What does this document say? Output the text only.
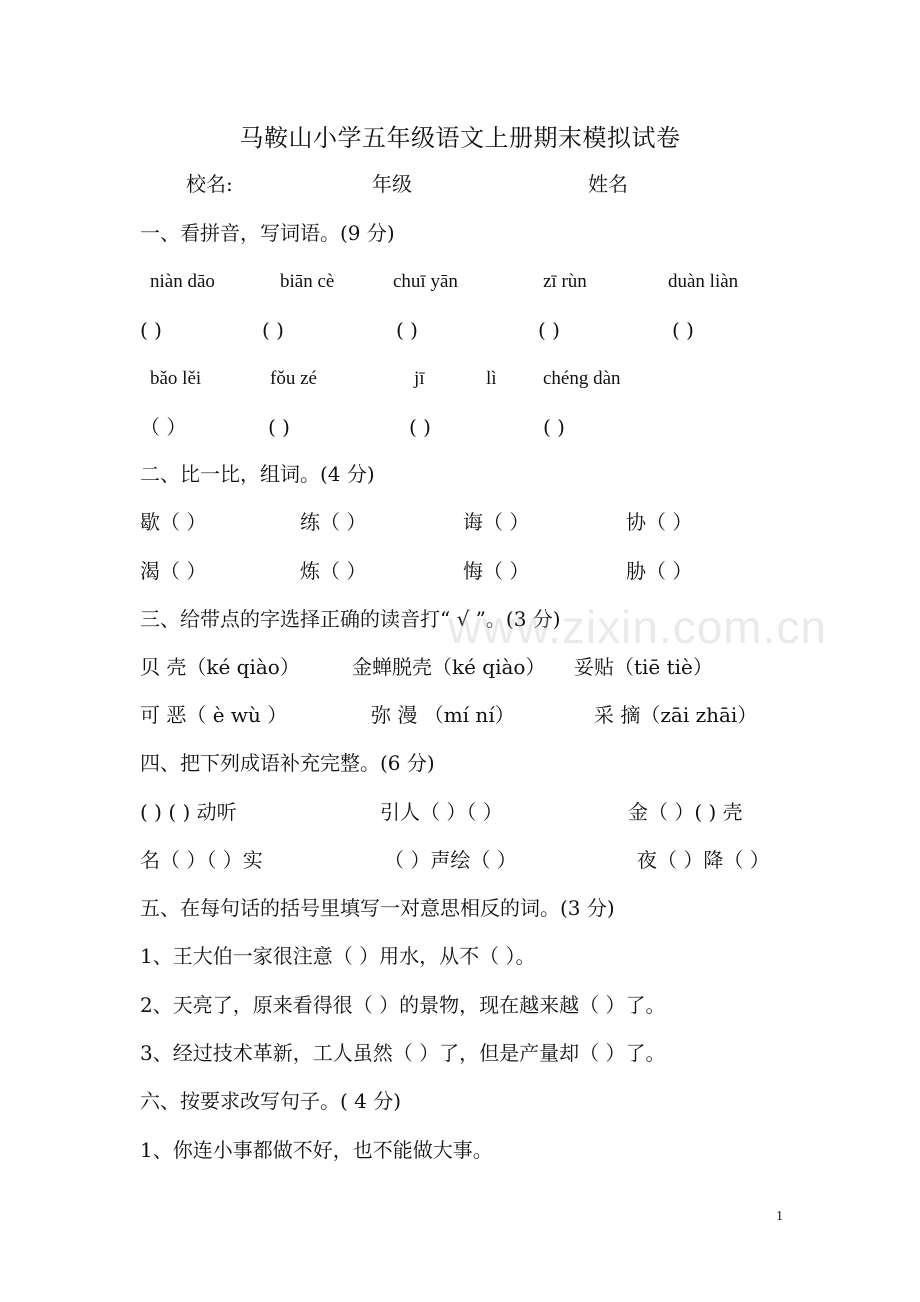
马鞍山小学五年级语文上册期末模拟试卷
校名:	年级	姓名
一、看拼音，写词语。(9 分)
niàn dāo	biān cè	chuī yān	zī rùn	duàn liàn
( )	( )	( )	( )	( )
bǎo lěi	fǒu zé	jī	lì chéng dàn
（ ）	( )	( )	( )
二、比一比，组词。(4 分)
歇（ ）	练（ ）	诲（ ）	协（ ）
渴（ ）	炼（ ）	悔（ ）	胁（ ）
三、给带点的字选择正确的读音打“ √ ”。(3 分)
贝 壳（ké qiào）	金蝉脱壳（ké qiào） 妥贴（tiē tiè）
可 恶（ è wù ）	弥 漫 （mí ní）	采 摘（zāi zhāi）
四、把下列成语补充完整。(6 分)
( ) ( ) 动听	引人（ ）（ ）	金（ ）( ) 壳
名（ ）（ ）实	（ ）声绘（ ）	夜（ ）降（ ）
五、在每句话的括号里填写一对意思相反的词。(3 分)
1、王大伯一家很注意（ ）用水，从不（ ）。
2、天亮了，原来看得很（ ）的景物，现在越来越（ ）了。
3、经过技术革新，工人虽然（ ）了，但是产量却（ ）了。
六、按要求改写句子。( 4 分)
1、你连小事都做不好，也不能做大事。
www.zixin.com.cn
1
